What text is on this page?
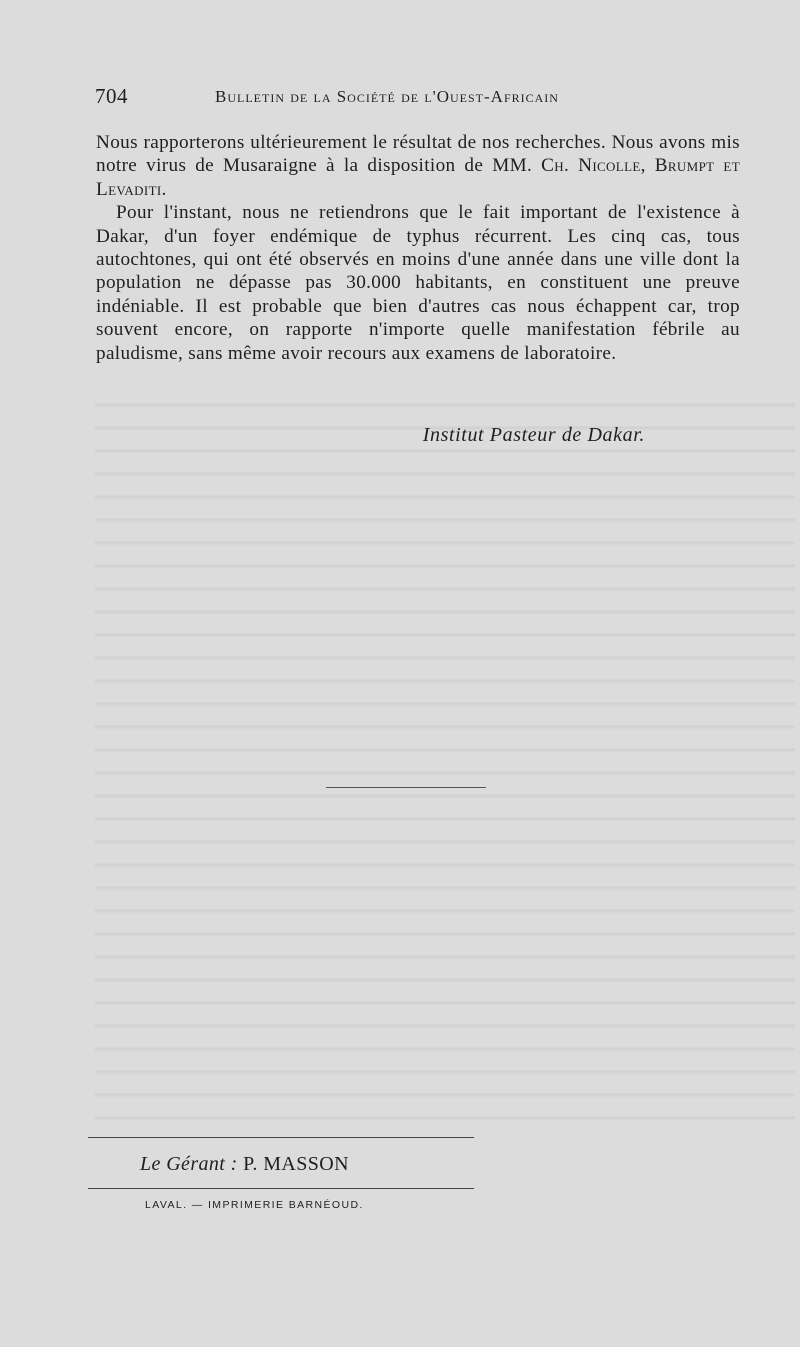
704	Bulletin de la Société de l'Ouest-Africain

Nous rapporterons ultérieurement le résultat de nos recherches. Nous avons mis notre virus de Musaraigne à la disposition de MM. Ch. Nicolle, Brumpt et Levaditi.

Pour l'instant, nous ne retiendrons que le fait important de l'existence à Dakar, d'un foyer endémique de typhus récurrent. Les cinq cas, tous autochtones, qui ont été observés en moins d'une année dans une ville dont la population ne dépasse pas 30.000 habitants, en constituent une preuve indéniable. Il est probable que bien d'autres cas nous échappent car, trop souvent encore, on rapporte n'importe quelle manifestation fébrile au paludisme, sans même avoir recours aux examens de laboratoire.

Institut Pasteur de Dakar.
Le Gérant : P. MASSON
LAVAL. — IMPRIMERIE BARNÉOUD.
